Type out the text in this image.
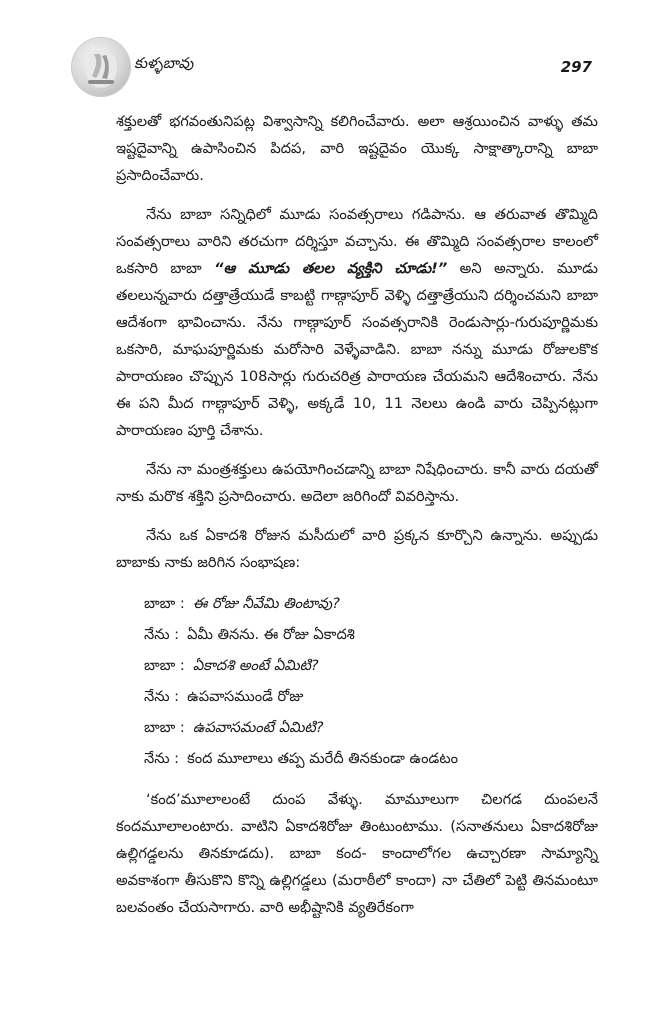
కుళ్ళబావు	297

శక్తులతో భగవంతునిపట్ల విశ్వాసాన్ని కలిగించేవారు. అలా ఆశ్రయించిన వాళ్ళు తమ ఇష్టదైవాన్ని ఉపాసించిన పిదప, వారి ఇష్టదైవం యొక్క సాక్షాత్కారాన్ని బాబా ప్రసాదించేవారు.

నేను బాబా సన్నిధిలో మూడు సంవత్సరాలు గడిపాను. ఆ తరువాత తొమ్మిది సంవత్సరాలు వారిని తరచుగా దర్శిస్తూ వచ్చాను. ఈ తొమ్మిది సంవత్సరాల కాలంలో ఒకసారి బాబా “ఆ మూడు తలల వ్యక్తిని చూడు!” అని అన్నారు. మూడు తలలున్నవారు దత్తాత్రేయుడే కాబట్టి గాణ్గాపూర్ వెళ్ళి దత్తాత్రేయుని దర్శించమని బాబా ఆదేశంగా భావించాను. నేను గాణ్గాపూర్ సంవత్సరానికి రెండుసార్లు-గురుపూర్ణిమకు ఒకసారి, మాఘపూర్ణిమకు మరోసారి వెళ్ళేవాడిని. బాబా నన్ను మూడు రోజులకొక పారాయణం చొప్పున 108సార్లు గురుచరిత్ర పారాయణ చేయమని ఆదేశించారు. నేను ఈ పని మీద గాణ్గాపూర్ వెళ్ళి, అక్కడే 10, 11 నెలలు ఉండి వారు చెప్పినట్లుగా పారాయణం పూర్తి చేశాను.

నేను నా మంత్రశక్తులు ఉపయోగించడాన్ని బాబా నిషేధించారు. కానీ వారు దయతో నాకు మరొక శక్తిని ప్రసాదించారు. అదెలా జరిగిందో వివరిస్తాను.

నేను ఒక ఏకాదశి రోజున మసీదులో వారి ప్రక్కన కూర్చొని ఉన్నాను. అప్పుడు బాబాకు నాకు జరిగిన సంభాషణ:

బాబా : ఈ రోజు నీవేమి తింటావు?

నేను : ఏమీ తినను. ఈ రోజు ఏకాదశి

బాబా : ఏకాదశి అంటే ఏమిటి?

నేను : ఉపవాసముండే రోజు

బాబా : ఉపవాసమంటే ఏమిటి?

నేను : కంద మూలాలు తప్ప మరేదీ తినకుండా ఉండటం

‘కంద’మూలాలంటే దుంప వేళ్ళు. మామూలుగా చిలగడ దుంపలనే కందమూలాలంటారు. వాటిని ఏకాదశిరోజు తింటుంటాము. (సనాతనులు ఏకాదశిరోజు ఉల్లిగడ్డలను తినకూడదు). బాబా కంద- కాందాలోగల ఉచ్చారణా సామ్యాన్ని అవకాశంగా తీసుకొని కొన్ని ఉల్లిగడ్డలు (మరాఠీలో కాందా) నా చేతిలో పెట్టి తినమంటూ బలవంతం చేయసాగారు. వారి అభీష్టానికి వ్యతిరేకంగా
